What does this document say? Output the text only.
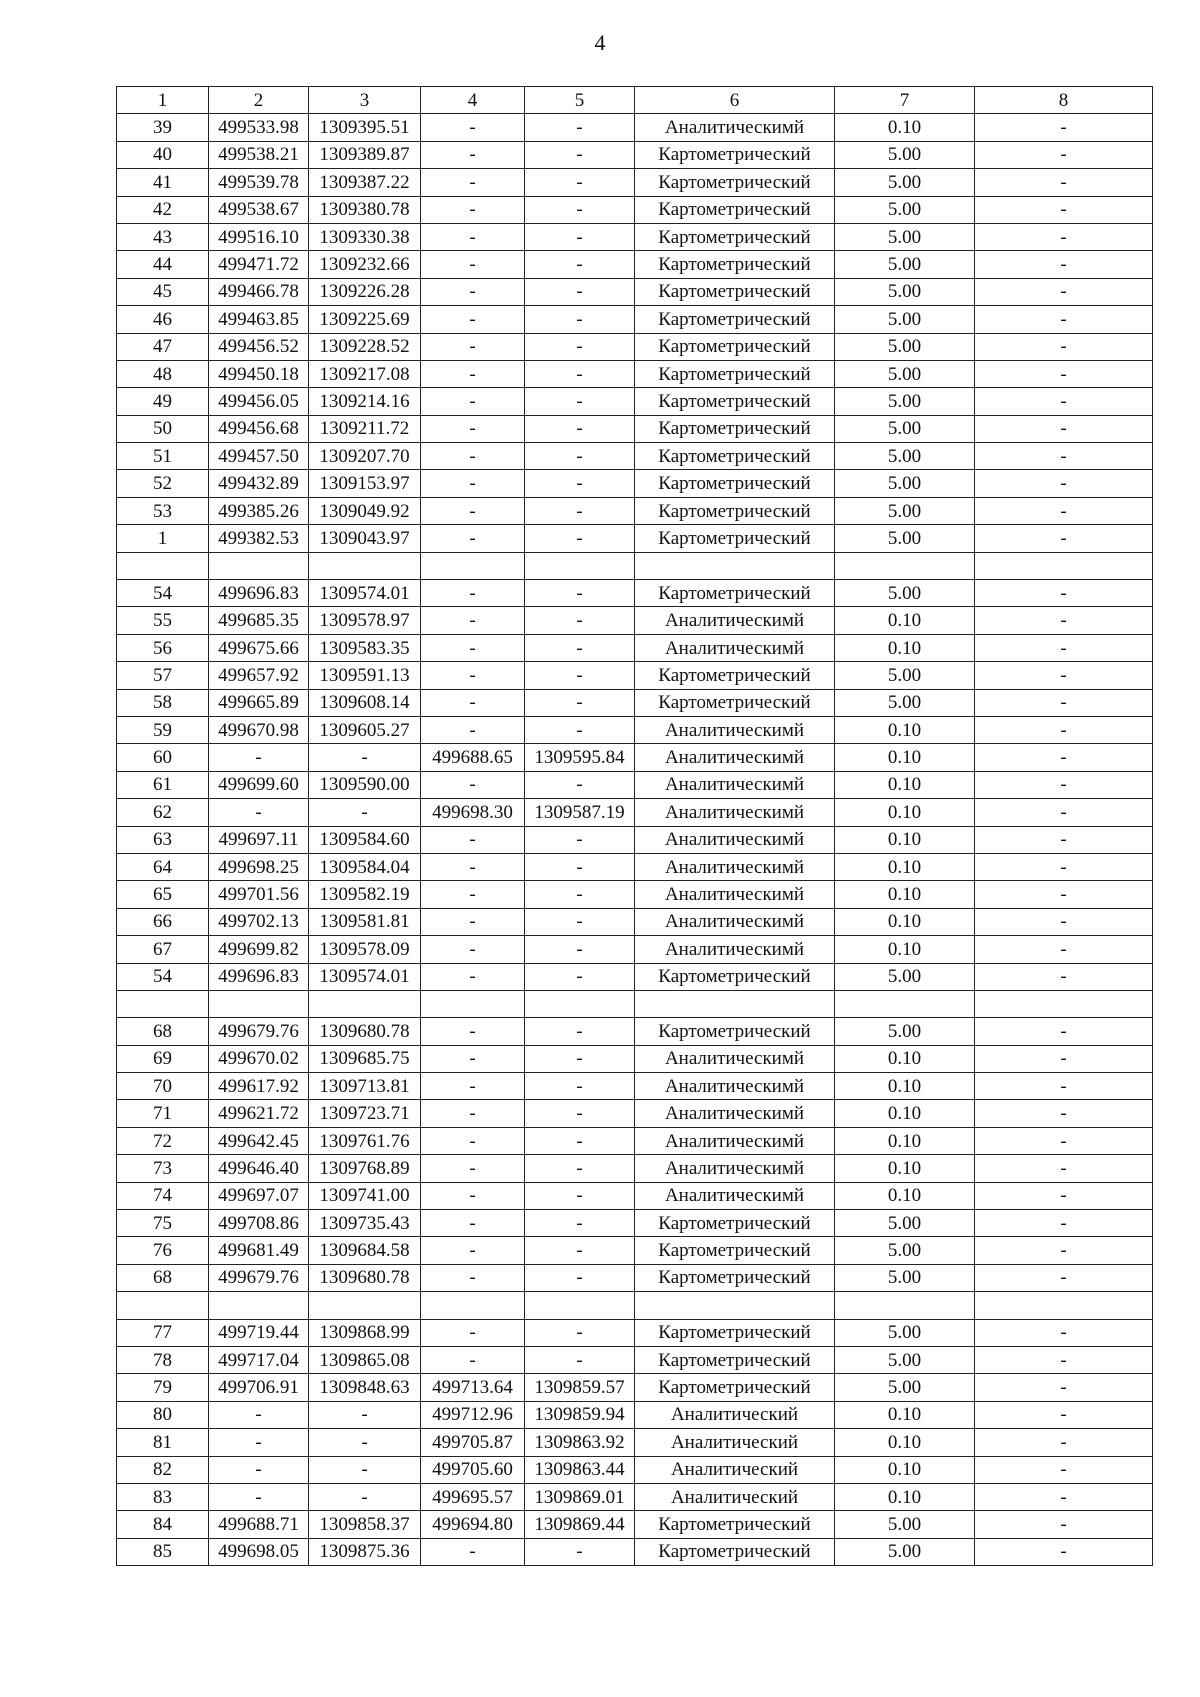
4
1	2	3	4	5	6	7	8
39	499533.98	1309395.51	-	-	Аналитическимй	0.10	-
40	499538.21	1309389.87	-	-	Картометрический	5.00	-
41	499539.78	1309387.22	-	-	Картометрический	5.00	-
42	499538.67	1309380.78	-	-	Картометрический	5.00	-
43	499516.10	1309330.38	-	-	Картометрический	5.00	-
44	499471.72	1309232.66	-	-	Картометрический	5.00	-
45	499466.78	1309226.28	-	-	Картометрический	5.00	-
46	499463.85	1309225.69	-	-	Картометрический	5.00	-
47	499456.52	1309228.52	-	-	Картометрический	5.00	-
48	499450.18	1309217.08	-	-	Картометрический	5.00	-
49	499456.05	1309214.16	-	-	Картометрический	5.00	-
50	499456.68	1309211.72	-	-	Картометрический	5.00	-
51	499457.50	1309207.70	-	-	Картометрический	5.00	-
52	499432.89	1309153.97	-	-	Картометрический	5.00	-
53	499385.26	1309049.92	-	-	Картометрический	5.00	-
1	499382.53	1309043.97	-	-	Картометрический	5.00	-

54	499696.83	1309574.01	-	-	Картометрический	5.00	-
55	499685.35	1309578.97	-	-	Аналитическимй	0.10	-
56	499675.66	1309583.35	-	-	Аналитическимй	0.10	-
57	499657.92	1309591.13	-	-	Картометрический	5.00	-
58	499665.89	1309608.14	-	-	Картометрический	5.00	-
59	499670.98	1309605.27	-	-	Аналитическимй	0.10	-
60	-	-	499688.65	1309595.84	Аналитическимй	0.10	-
61	499699.60	1309590.00	-	-	Аналитическимй	0.10	-
62	-	-	499698.30	1309587.19	Аналитическимй	0.10	-
63	499697.11	1309584.60	-	-	Аналитическимй	0.10	-
64	499698.25	1309584.04	-	-	Аналитическимй	0.10	-
65	499701.56	1309582.19	-	-	Аналитическимй	0.10	-
66	499702.13	1309581.81	-	-	Аналитическимй	0.10	-
67	499699.82	1309578.09	-	-	Аналитическимй	0.10	-
54	499696.83	1309574.01	-	-	Картометрический	5.00	-

68	499679.76	1309680.78	-	-	Картометрический	5.00	-
69	499670.02	1309685.75	-	-	Аналитическимй	0.10	-
70	499617.92	1309713.81	-	-	Аналитическимй	0.10	-
71	499621.72	1309723.71	-	-	Аналитическимй	0.10	-
72	499642.45	1309761.76	-	-	Аналитическимй	0.10	-
73	499646.40	1309768.89	-	-	Аналитическимй	0.10	-
74	499697.07	1309741.00	-	-	Аналитическимй	0.10	-
75	499708.86	1309735.43	-	-	Картометрический	5.00	-
76	499681.49	1309684.58	-	-	Картометрический	5.00	-
68	499679.76	1309680.78	-	-	Картометрический	5.00	-

77	499719.44	1309868.99	-	-	Картометрический	5.00	-
78	499717.04	1309865.08	-	-	Картометрический	5.00	-
79	499706.91	1309848.63	499713.64	1309859.57	Картометрический	5.00	-
80	-	-	499712.96	1309859.94	Аналитический	0.10	-
81	-	-	499705.87	1309863.92	Аналитический	0.10	-
82	-	-	499705.60	1309863.44	Аналитический	0.10	-
83	-	-	499695.57	1309869.01	Аналитический	0.10	-
84	499688.71	1309858.37	499694.80	1309869.44	Картометрический	5.00	-
85	499698.05	1309875.36	-	-	Картометрический	5.00	-
